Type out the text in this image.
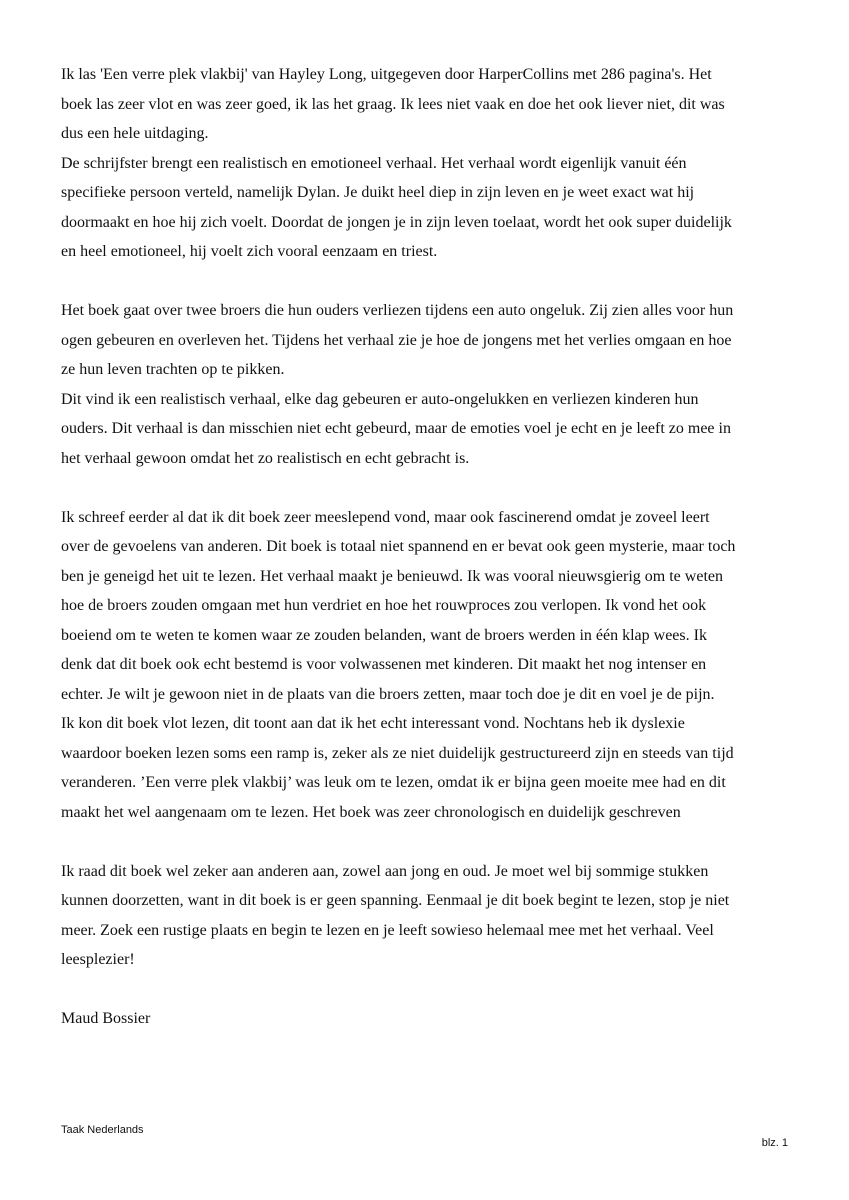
Ik las 'Een verre plek vlakbij' van Hayley Long, uitgegeven door HarperCollins met 286 pagina's. Het
boek las zeer vlot en was zeer goed, ik las het graag. Ik lees niet vaak en doe het ook liever niet, dit was
dus een hele uitdaging.
De schrijfster brengt een realistisch en emotioneel verhaal. Het verhaal wordt eigenlijk vanuit één
specifieke persoon verteld, namelijk Dylan. Je duikt heel diep in zijn leven en je weet exact wat hij
doormaakt en hoe hij zich voelt. Doordat de jongen je in zijn leven toelaat, wordt het ook super duidelijk
en heel emotioneel, hij voelt zich vooral eenzaam en triest.

Het boek gaat over twee broers die hun ouders verliezen tijdens een auto ongeluk. Zij zien alles voor hun
ogen gebeuren en overleven het. Tijdens het verhaal zie je hoe de jongens met het verlies omgaan en hoe
ze hun leven trachten op te pikken.
Dit vind ik een realistisch verhaal, elke dag gebeuren er auto-ongelukken en verliezen kinderen hun
ouders. Dit verhaal is dan misschien niet echt gebeurd, maar de emoties voel je echt en je leeft zo mee in
het verhaal gewoon omdat het zo realistisch en echt gebracht is.

Ik schreef eerder al dat ik dit boek zeer meeslepend vond, maar ook fascinerend omdat je zoveel leert
over de gevoelens van anderen. Dit boek is totaal niet spannend en er bevat ook geen mysterie, maar toch
ben je geneigd het uit te lezen. Het verhaal maakt je benieuwd. Ik was vooral nieuwsgierig om te weten
hoe de broers zouden omgaan met hun verdriet en hoe het rouwproces zou verlopen. Ik vond het ook
boeiend om te weten te komen waar ze zouden belanden, want de broers werden in één klap wees. Ik
denk dat dit boek ook echt bestemd is voor volwassenen met kinderen. Dit maakt het nog intenser en
echter. Je wilt je gewoon niet in de plaats van die broers zetten, maar toch doe je dit en voel je de pijn.
Ik kon dit boek vlot lezen, dit toont aan dat ik het echt interessant vond. Nochtans heb ik dyslexie
waardoor boeken lezen soms een ramp is, zeker als ze niet duidelijk gestructureerd zijn en steeds van tijd
veranderen. ’Een verre plek vlakbij’ was leuk om te lezen, omdat ik er bijna geen moeite mee had en dit
maakt het wel aangenaam om te lezen. Het boek was zeer chronologisch en duidelijk geschreven

Ik raad dit boek wel zeker aan anderen aan, zowel aan jong en oud. Je moet wel bij sommige stukken
kunnen doorzetten, want in dit boek is er geen spanning. Eenmaal je dit boek begint te lezen, stop je niet
meer. Zoek een rustige plaats en begin te lezen en je leeft sowieso helemaal mee met het verhaal. Veel
leesplezier!

Maud Bossier

Taak Nederlands
blz. 1
